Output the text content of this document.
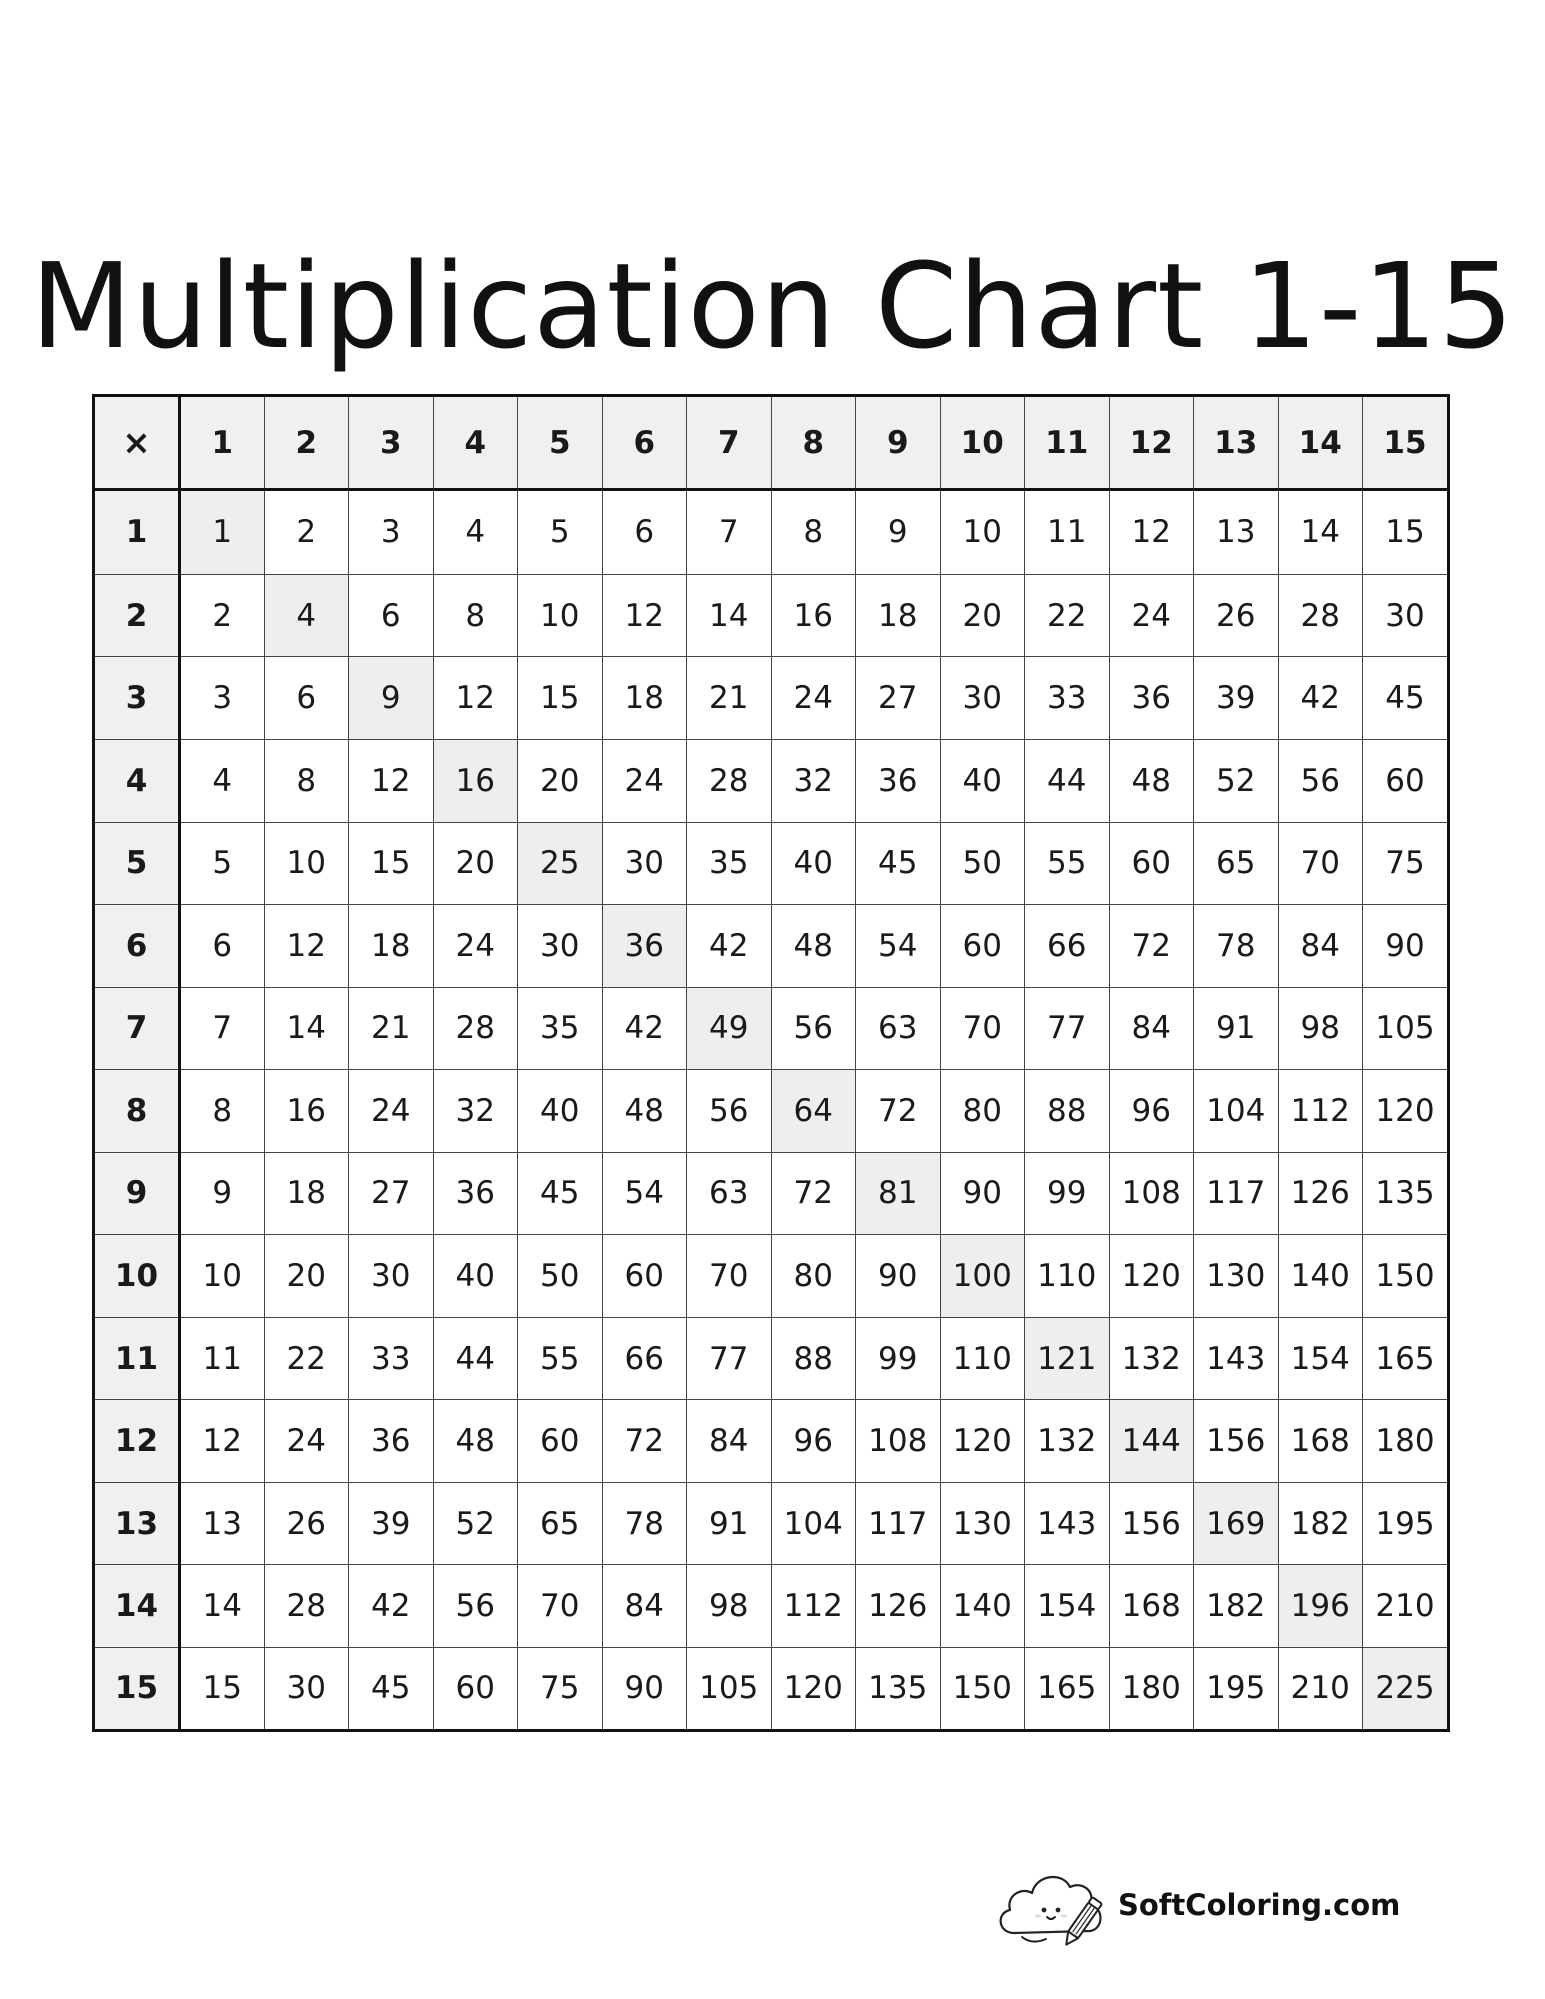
Multiplication Chart 1-15
×	1	2	3	4	5	6	7	8	9	10	11	12	13	14	15
1	1	2	3	4	5	6	7	8	9	10	11	12	13	14	15
2	2	4	6	8	10	12	14	16	18	20	22	24	26	28	30
3	3	6	9	12	15	18	21	24	27	30	33	36	39	42	45
4	4	8	12	16	20	24	28	32	36	40	44	48	52	56	60
5	5	10	15	20	25	30	35	40	45	50	55	60	65	70	75
6	6	12	18	24	30	36	42	48	54	60	66	72	78	84	90
7	7	14	21	28	35	42	49	56	63	70	77	84	91	98	105
8	8	16	24	32	40	48	56	64	72	80	88	96	104	112	120
9	9	18	27	36	45	54	63	72	81	90	99	108	117	126	135
10	10	20	30	40	50	60	70	80	90	100	110	120	130	140	150
11	11	22	33	44	55	66	77	88	99	110	121	132	143	154	165
12	12	24	36	48	60	72	84	96	108	120	132	144	156	168	180
13	13	26	39	52	65	78	91	104	117	130	143	156	169	182	195
14	14	28	42	56	70	84	98	112	126	140	154	168	182	196	210
15	15	30	45	60	75	90	105	120	135	150	165	180	195	210	225
SoftColoring.com
